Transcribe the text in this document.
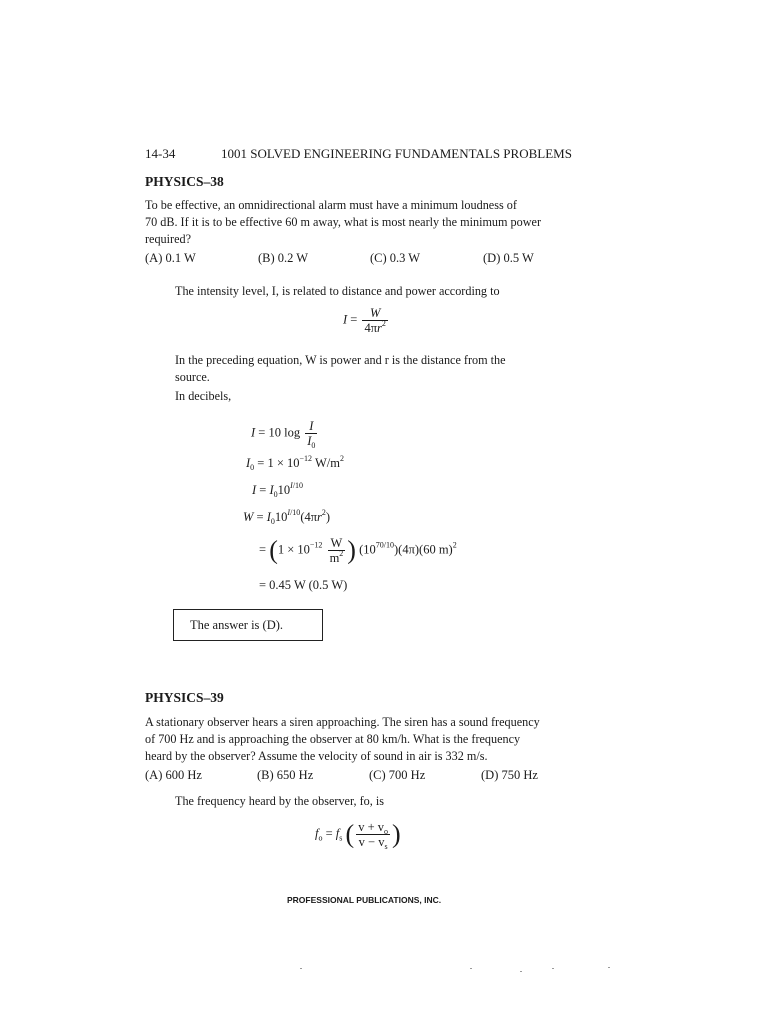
14-34	1001 SOLVED ENGINEERING FUNDAMENTALS PROBLEMS
PHYSICS–38
To be effective, an omnidirectional alarm must have a minimum loudness of
70 dB. If it is to be effective 60 m away, what is most nearly the minimum power
required?
(A) 0.1 W	(B) 0.2 W	(C) 0.3 W	(D) 0.5 W
The intensity level, I, is related to distance and power according to
$I = \frac{W}{4\pi r^2}$
In the preceding equation, W is power and r is the distance from the
source.
In decibels,
I = 10 $\log \frac{I}{I_0}$
$I_0 = 1 \times 10^{-12}$ $W/m^2$
$I = I_010^{I/10}$
$W = I_010^{I/10}(4\pi r^2)$
= ($1 \times 10^{-12} \frac{W}{m^2}$ ) $(10^{70/10})(4\pi)(60$ m)$^2$
= 0.45 W (0.5 W)
The answer is (D).
PHYSICS–39
A stationary observer hears a siren approaching. The siren has a sound frequency
of 700 Hz and is approaching the observer at 80 km/h. What is the frequency
heard by the observer? Assume the velocity of sound in air is 332 m/s.
(A) 600 Hz	(B) 650 Hz	(C) 700 Hz	(D) 750 Hz
The frequency heard by the observer, fo, is
$f_o = f_s$ ( $\frac{v + v_o}{v - v_s}$ )
PROFESSIONAL PUBLICATIONS, INC.
